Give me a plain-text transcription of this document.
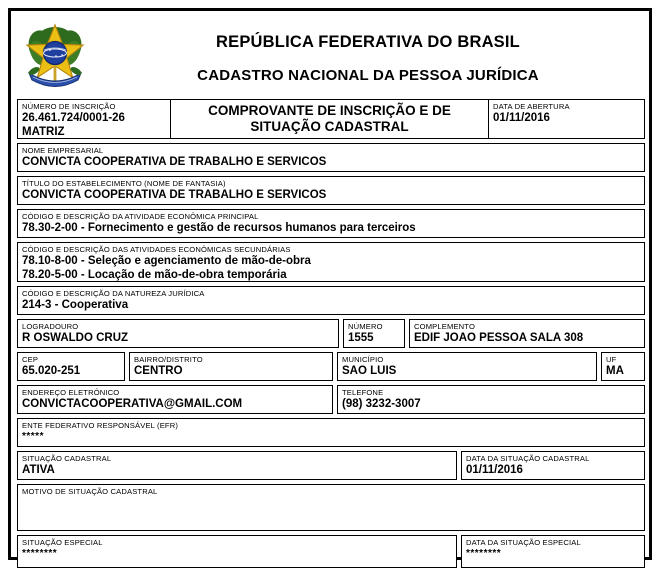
REPÚBLICA FEDERATIVA DO BRASIL
CADASTRO NACIONAL DA PESSOA JURÍDICA
NÚMERO DE INSCRIÇÃO
26.461.724/0001-26
MATRIZ
COMPROVANTE DE INSCRIÇÃO E DE SITUAÇÃO CADASTRAL
DATA DE ABERTURA
01/11/2016
NOME EMPRESARIAL
CONVICTA COOPERATIVA DE TRABALHO E SERVICOS
TÍTULO DO ESTABELECIMENTO (NOME DE FANTASIA)
CONVICTA COOPERATIVA DE TRABALHO E SERVICOS
CÓDIGO E DESCRIÇÃO DA ATIVIDADE ECONÔMICA PRINCIPAL
78.30-2-00 - Fornecimento e gestão de recursos humanos para terceiros
CÓDIGO E DESCRIÇÃO DAS ATIVIDADES ECONÔMICAS SECUNDÁRIAS
78.10-8-00 - Seleção e agenciamento de mão-de-obra
78.20-5-00 - Locação de mão-de-obra temporária
CÓDIGO E DESCRIÇÃO DA NATUREZA JURÍDICA
214-3 - Cooperativa
LOGRADOURO
R OSWALDO CRUZ
NÚMERO
1555
COMPLEMENTO
EDIF JOAO PESSOA SALA 308
CEP
65.020-251
BAIRRO/DISTRITO
CENTRO
MUNICÍPIO
SAO LUIS
UF
MA
ENDEREÇO ELETRÔNICO
CONVICTACOOPERATIVA@GMAIL.COM
TELEFONE
(98) 3232-3007
ENTE FEDERATIVO RESPONSÁVEL (EFR)
*****
SITUAÇÃO CADASTRAL
ATIVA
DATA DA SITUAÇÃO CADASTRAL
01/11/2016
MOTIVO DE SITUAÇÃO CADASTRAL
SITUAÇÃO ESPECIAL
********
DATA DA SITUAÇÃO ESPECIAL
********
